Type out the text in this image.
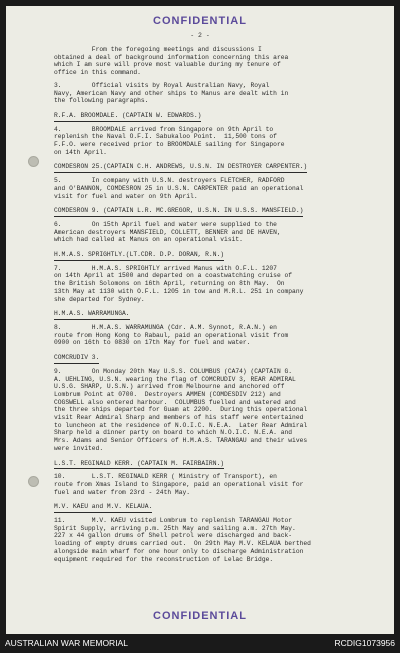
CONFIDENTIAL
- 2 -
From the foregoing meetings and discussions I
obtained a deal of background information concerning this area
which I am sure will prove most valuable during my tenure of
office in this command.
3.        Official visits by Royal Australian Navy, Royal
Navy, American Navy and other ships to Manus are dealt with in
the following paragraphs.
R.F.A. BROOMDALE. (CAPTAIN W. EDWARDS.)
4.        BROOMDALE arrived from Singapore on 9th April to
replenish the Naval O.F.I. Sabukaloo Point.  11,500 tons of
F.F.O. were received prior to BROOMDALE sailing for Singapore
on 14th April.
COMDESRON 25.(CAPTAIN C.H. ANDREWS, U.S.N. IN DESTROYER CARPENTER.)
5.        In company with U.S.N. destroyers FLETCHER, RADFORD
and O'BANNON, COMDESRON 25 in U.S.N. CARPENTER paid an operational
visit for fuel and water on 9th April.
COMDESRON 9. (CAPTAIN L.R. MC.GREGOR, U.S.N. IN U.S.S. MANSFIELD.)
6.        On 15th April fuel and water were supplied to the
American destroyers MANSFIELD, COLLETT, BENNER and DE HAVEN,
which had called at Manus on an operational visit.
H.M.A.S. SPRIGHTLY.(LT.CDR. D.P. DORAN, R.N.)
7.        H.M.A.S. SPRIGHTLY arrived Manus with O.F.L. 1207
on 14th April at 1500 and departed on a coastwatching cruise of
the British Solomons on 16th April, returning on 8th May.  On
13th May at 1130 with O.F.L. 1205 in tow and M.R.L. 251 in company
she departed for Sydney.
H.M.A.S. WARRAMUNGA.
8.        H.M.A.S. WARRAMUNGA (Cdr. A.M. Synnot, R.A.N.) en
route from Hong Kong to Rabaul, paid an operational visit from
0900 on 16th to 0830 on 17th May for fuel and water.
COMCRUDIV 3.
9.        On Monday 20th May U.S.S. COLUMBUS (CA74) (CAPTAIN G.
A. UEHLING, U.S.N. wearing the flag of COMCRUDIV 3, REAR ADMIRAL
U.S.G. SHARP, U.S.N.) arrived from Melbourne and anchored off
Lombrum Point at 0700.  Destroyers AMMEN (COMDESDIV 212) and
COGSWELL also entered harbour.  COLUMBUS fuelled and watered and
the three ships departed for Guam at 2200.  During this operational
visit Rear Admiral Sharp and members of his staff were entertained
to luncheon at the residence of N.O.I.C. N.E.A.  Later Rear Admiral
Sharp held a dinner party on board to which N.O.I.C. N.E.A. and
Mrs. Adams and Senior Officers of H.M.A.S. TARANGAU and their wives
were invited.
L.S.T. REGINALD KERR. (CAPTAIN M. FAIRBAIRN.)
10.       L.S.T. REGINALD KERR ( Ministry of Transport), en
route from Xmas Island to Singapore, paid an operational visit for
fuel and water from 23rd - 24th May.
M.V. KAEU and M.V. KELAUA.
11.       M.V. KAEU visited Lombrum to replenish TARANGAU Motor
Spirit Supply, arriving p.m. 25th May and sailing a.m. 27th May.
227 x 44 gallon drums of Shell petrol were discharged and back-
loading of empty drums carried out.  On 29th May M.V. KELAUA berthed
alongside main wharf for one hour only to discharge Administration
equipment required for the reconstruction of Lelac Bridge.
CONFIDENTIAL
AUSTRALIAN WAR MEMORIAL	RCDIG1073956
